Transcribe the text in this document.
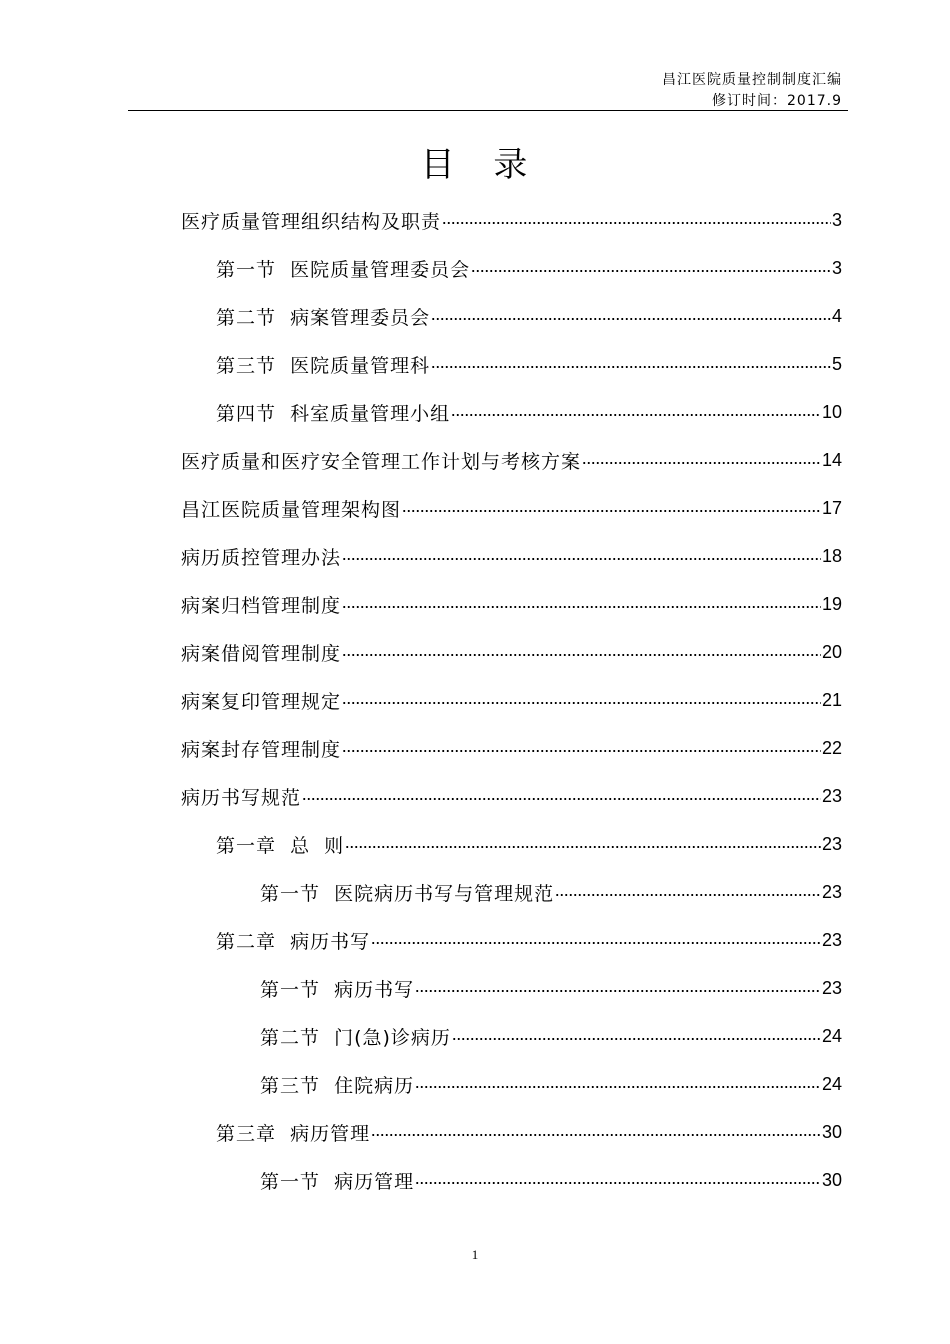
昌江医院质量控制制度汇编
修订时间：2017.9
目 录
医疗质量管理组织结构及职责	3
第一节  医院质量管理委员会	3
第二节  病案管理委员会	4
第三节  医院质量管理科	5
第四节  科室质量管理小组	10
医疗质量和医疗安全管理工作计划与考核方案	14
昌江医院质量管理架构图	17
病历质控管理办法	18
病案归档管理制度	19
病案借阅管理制度	20
病案复印管理规定	21
病案封存管理制度	22
病历书写规范	23
第一章  总  则	23
第一节  医院病历书写与管理规范	23
第二章  病历书写	23
第一节  病历书写	23
第二节  门(急)诊病历	24
第三节  住院病历	24
第三章  病历管理	30
第一节  病历管理	30
1
